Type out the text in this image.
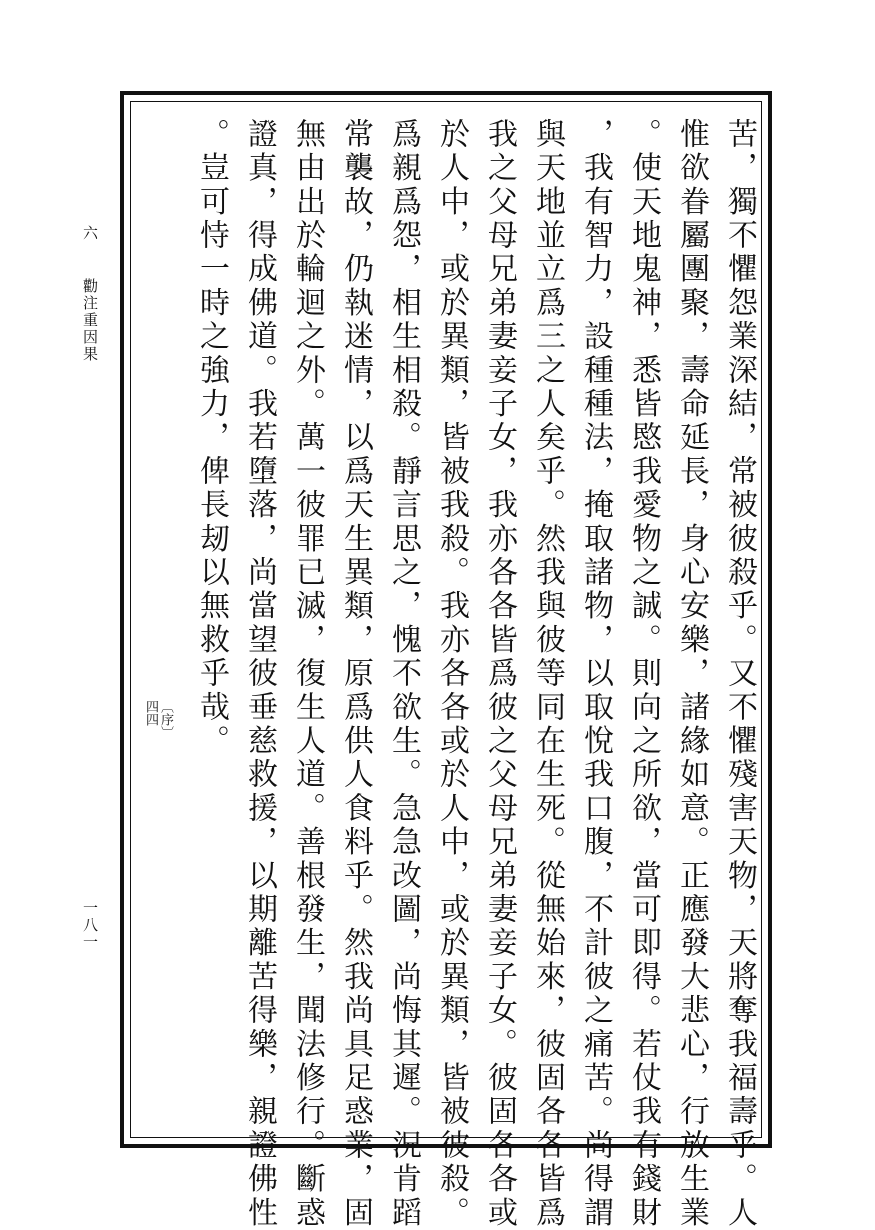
六  勸注重因果
一八一	苦，獨不懼怨業深結，常被彼殺乎。又不懼殘害天物，天將奪我福壽乎。人
惟欲眷屬團聚，壽命延長，身心安樂，諸緣如意。正應發大悲心，行放生業
。使天地鬼神，悉皆愍我愛物之誠。則向之所欲，當可即得。若仗我有錢財
，我有智力，設種種法，掩取諸物，以取悅我口腹，不計彼之痛苦。尚得謂
與天地並立爲三之人矣乎。然我與彼等同在生死。從無始來，彼固各各皆爲
我之父母兄弟妻妾子女，我亦各各皆爲彼之父母兄弟妻妾子女。彼固各各或
於人中，或於異類，皆被我殺。我亦各各或於人中，或於異類，皆被彼殺。
爲親爲怨，相生相殺。靜言思之，愧不欲生。急急改圖，尚悔其遲。況肯蹈
常襲故，仍執迷情，以爲天生異類，原爲供人食料乎。然我尚具足惑業，固
無由出於輪迴之外。萬一彼罪已滅，復生人道。善根發生，聞法修行。斷惑
證真，得成佛道。我若墮落，尚當望彼垂慈救援，以期離苦得樂，親證佛性
。豈可恃一時之強力，俾長刼以無救乎哉。
〔序〕
四四
